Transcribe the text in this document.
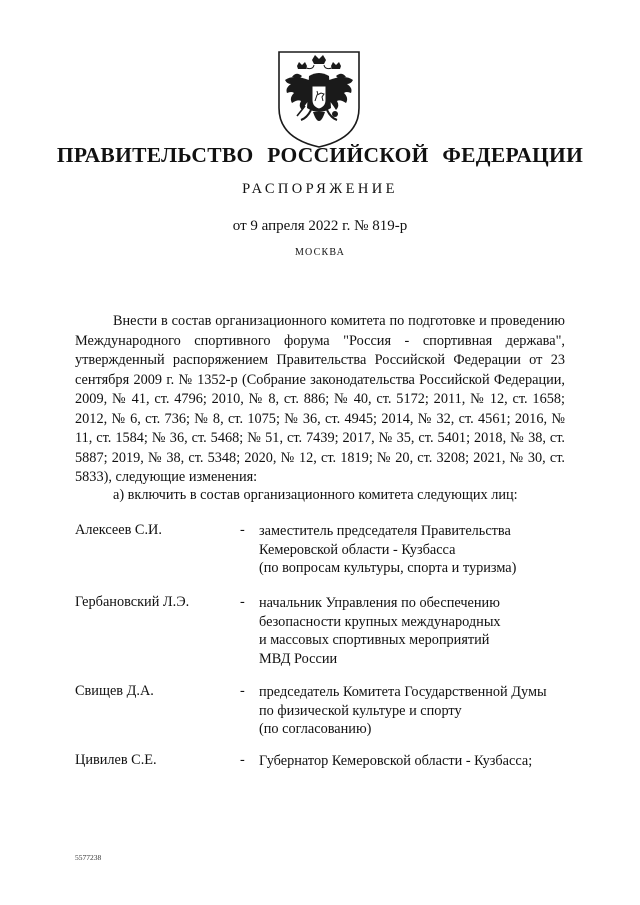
ПРАВИТЕЛЬСТВО РОССИЙСКОЙ ФЕДЕРАЦИИ
РАСПОРЯЖЕНИЕ
от 9 апреля 2022 г. № 819-р
МОСКВА

Внести в состав организационного комитета по подготовке и проведению Международного спортивного форума "Россия - спортивная держава", утвержденный распоряжением Правительства Российской Федерации от 23 сентября 2009 г. № 1352-р (Собрание законодательства Российской Федерации, 2009, № 41, ст. 4796; 2010, № 8, ст. 886; № 40, ст. 5172; 2011, № 12, ст. 1658; 2012, № 6, ст. 736; № 8, ст. 1075; № 36, ст. 4945; 2014, № 32, ст. 4561; 2016, № 11, ст. 1584; № 36, ст. 5468; № 51, ст. 7439; 2017, № 35, ст. 5401; 2018, № 38, ст. 5887; 2019, № 38, ст. 5348; 2020, № 12, ст. 1819; № 20, ст. 3208; 2021, № 30, ст. 5833), следующие изменения:

а) включить в состав организационного комитета следующих лиц:

Алексеев С.И.	- заместитель председателя Правительства
Кемеровской области - Кузбасса
(по вопросам культуры, спорта и туризма)
Гербановский Л.Э.	- начальник Управления по обеспечению
безопасности крупных международных
и массовых спортивных мероприятий
МВД России
Свищев Д.А.	- председатель Комитета Государственной Думы
по физической культуре и спорту
(по согласованию)
Цивилев С.Е.	- Губернатор Кемеровской области - Кузбасса;
5577238
